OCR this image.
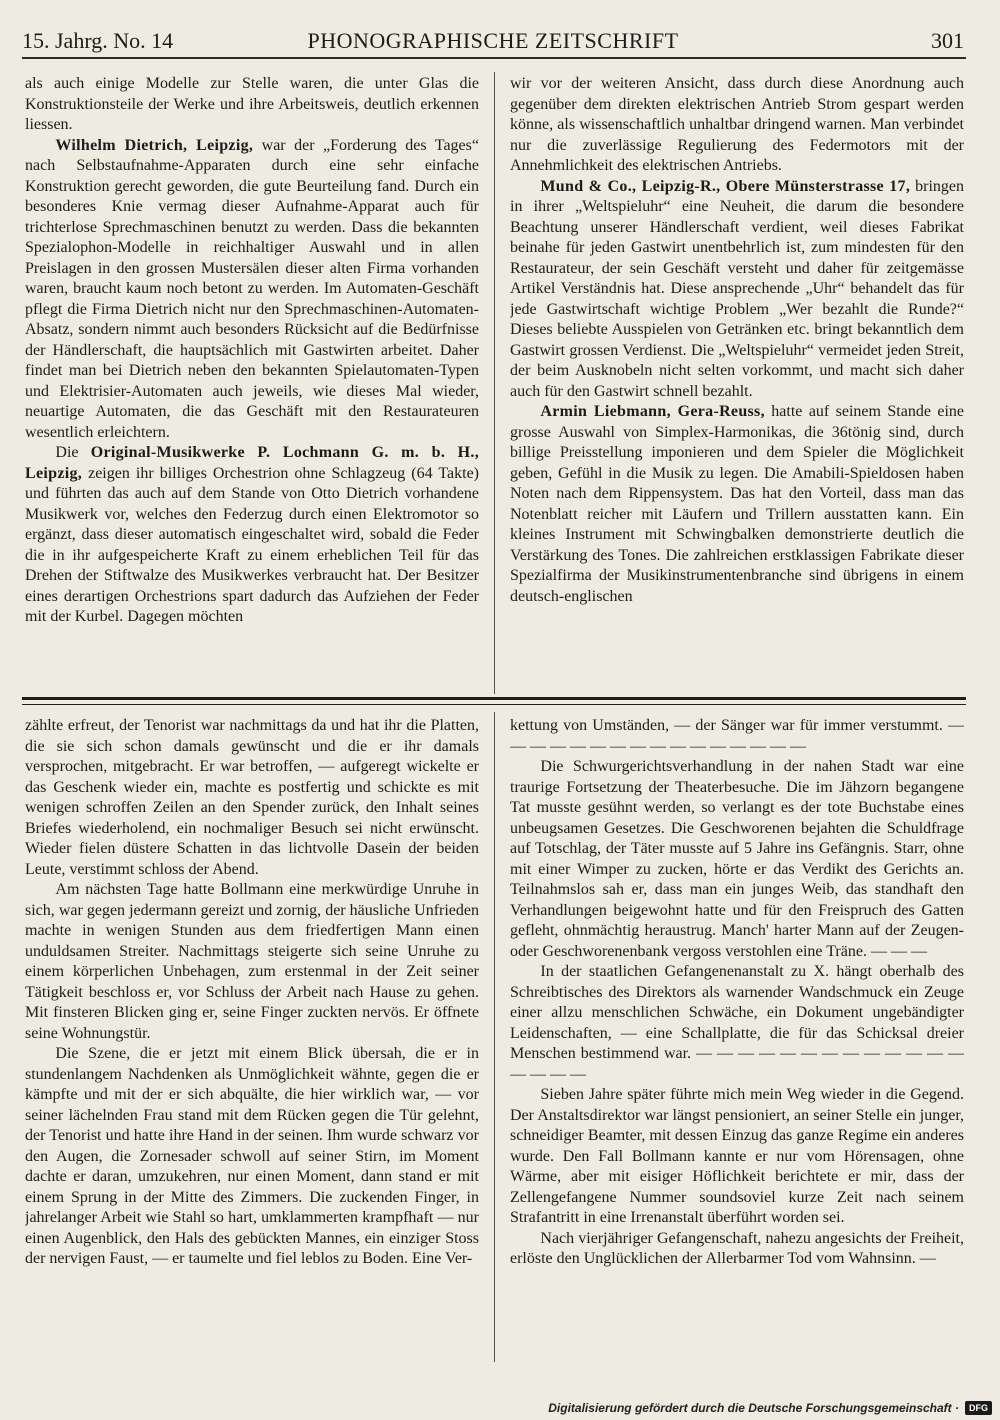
15. Jahrg. No. 14	PHONOGRAPHISCHE ZEITSCHRIFT	301

als auch einige Modelle zur Stelle waren, die unter Glas die Konstruktionsteile der Werke und ihre Arbeitsweis, deutlich erkennen liessen.

Wilhelm Dietrich, Leipzig, war der „Forderung des Tages“ nach Selbstaufnahme-Apparaten durch eine sehr einfache Konstruktion gerecht geworden, die gute Beurteilung fand. Durch ein besonderes Knie vermag dieser Aufnahme-Apparat auch für trichterlose Sprechmaschinen benutzt zu werden. Dass die bekannten Spezialophon-Modelle in reichhaltiger Auswahl und in allen Preislagen in den grossen Mustersälen dieser alten Firma vorhanden waren, braucht kaum noch betont zu werden. Im Automaten-Geschäft pflegt die Firma Dietrich nicht nur den Sprechmaschinen-Automaten-Absatz, sondern nimmt auch besonders Rücksicht auf die Bedürfnisse der Händlerschaft, die hauptsächlich mit Gastwirten arbeitet. Daher findet man bei Dietrich neben den bekannten Spielautomaten-Typen und Elektrisier-Automaten auch jeweils, wie dieses Mal wieder, neuartige Automaten, die das Geschäft mit den Restaurateuren wesentlich erleichtern.

Die Original-Musikwerke P. Lochmann G. m. b. H., Leipzig, zeigen ihr billiges Orchestrion ohne Schlagzeug (64 Takte) und führten das auch auf dem Stande von Otto Dietrich vorhandene Musikwerk vor, welches den Federzug durch einen Elektromotor so ergänzt, dass dieser automatisch eingeschaltet wird, sobald die Feder die in ihr aufgespeicherte Kraft zu einem erheblichen Teil für das Drehen der Stiftwalze des Musikwerkes verbraucht hat. Der Besitzer eines derartigen Orchestrions spart dadurch das Aufziehen der Feder mit der Kurbel. Dagegen möchten

wir vor der weiteren Ansicht, dass durch diese Anordnung auch gegenüber dem direkten elektrischen Antrieb Strom gespart werden könne, als wissenschaftlich unhaltbar dringend warnen. Man verbindet nur die zuverlässige Regulierung des Federmotors mit der Annehmlichkeit des elektrischen Antriebs.

Mund & Co., Leipzig-R., Obere Münsterstrasse 17, bringen in ihrer „Weltspieluhr“ eine Neuheit, die darum die besondere Beachtung unserer Händlerschaft verdient, weil dieses Fabrikat beinahe für jeden Gastwirt unentbehrlich ist, zum mindesten für den Restaurateur, der sein Geschäft versteht und daher für zeitgemässe Artikel Verständnis hat. Diese ansprechende „Uhr“ behandelt das für jede Gastwirtschaft wichtige Problem „Wer bezahlt die Runde?“ Dieses beliebte Ausspielen von Getränken etc. bringt bekanntlich dem Gastwirt grossen Verdienst. Die „Weltspieluhr“ vermeidet jeden Streit, der beim Ausknobeln nicht selten vorkommt, und macht sich daher auch für den Gastwirt schnell bezahlt.

Armin Liebmann, Gera-Reuss, hatte auf seinem Stande eine grosse Auswahl von Simplex-Harmonikas, die 36tönig sind, durch billige Preisstellung imponieren und dem Spieler die Möglichkeit geben, Gefühl in die Musik zu legen. Die Amabili-Spieldosen haben Noten nach dem Rippensystem. Das hat den Vorteil, dass man das Notenblatt reicher mit Läufern und Trillern ausstatten kann. Ein kleines Instrument mit Schwingbalken demonstrierte deutlich die Verstärkung des Tones. Die zahlreichen erstklassigen Fabrikate dieser Spezialfirma der Musikinstrumentenbranche sind übrigens in einem deutsch-englischen

zählte erfreut, der Tenorist war nachmittags da und hat ihr die Platten, die sie sich schon damals gewünscht und die er ihr damals versprochen, mitgebracht. Er war betroffen, — aufgeregt wickelte er das Geschenk wieder ein, machte es postfertig und schickte es mit wenigen schroffen Zeilen an den Spender zurück, den Inhalt seines Briefes wiederholend, ein nochmaliger Besuch sei nicht erwünscht. Wieder fielen düstere Schatten in das lichtvolle Dasein der beiden Leute, verstimmt schloss der Abend.

Am nächsten Tage hatte Bollmann eine merkwürdige Unruhe in sich, war gegen jedermann gereizt und zornig, der häusliche Unfrieden machte in wenigen Stunden aus dem friedfertigen Mann einen unduldsamen Streiter. Nachmittags steigerte sich seine Unruhe zu einem körperlichen Unbehagen, zum erstenmal in der Zeit seiner Tätigkeit beschloss er, vor Schluss der Arbeit nach Hause zu gehen. Mit finsteren Blicken ging er, seine Finger zuckten nervös. Er öffnete seine Wohnungstür.

Die Szene, die er jetzt mit einem Blick übersah, die er in stundenlangem Nachdenken als Unmöglichkeit wähnte, gegen die er kämpfte und mit der er sich abquälte, die hier wirklich war, — vor seiner lächelnden Frau stand mit dem Rücken gegen die Tür gelehnt, der Tenorist und hatte ihre Hand in der seinen. Ihm wurde schwarz vor den Augen, die Zornesader schwoll auf seiner Stirn, im Moment dachte er daran, umzukehren, nur einen Moment, dann stand er mit einem Sprung in der Mitte des Zimmers. Die zuckenden Finger, in jahrelanger Arbeit wie Stahl so hart, umklammerten krampfhaft — nur einen Augenblick, den Hals des gebückten Mannes, ein einziger Stoss der nervigen Faust, — er taumelte und fiel leblos zu Boden. Eine Ver-

kettung von Umständen, — der Sänger war für immer verstummt. — — — — — — — — — — — — — — — —

Die Schwurgerichtsverhandlung in der nahen Stadt war eine traurige Fortsetzung der Theaterbesuche. Die im Jähzorn begangene Tat musste gesühnt werden, so verlangt es der tote Buchstabe eines unbeugsamen Gesetzes. Die Geschworenen bejahten die Schuldfrage auf Totschlag, der Täter musste auf 5 Jahre ins Gefängnis. Starr, ohne mit einer Wimper zu zucken, hörte er das Verdikt des Gerichts an. Teilnahmslos sah er, dass man ein junges Weib, das standhaft den Verhandlungen beigewohnt hatte und für den Freispruch des Gatten gefleht, ohnmächtig heraustrug. Manch' harter Mann auf der Zeugen- oder Geschworenenbank vergoss verstohlen eine Träne. — — —

In der staatlichen Gefangenenanstalt zu X. hängt oberhalb des Schreibtisches des Direktors als warnender Wandschmuck ein Zeuge einer allzu menschlichen Schwäche, ein Dokument ungebändigter Leidenschaften, — eine Schallplatte, die für das Schicksal dreier Menschen bestimmend war. — — — — — — — — — — — — — — — — —

Sieben Jahre später führte mich mein Weg wieder in die Gegend. Der Anstaltsdirektor war längst pensioniert, an seiner Stelle ein junger, schneidiger Beamter, mit dessen Einzug das ganze Regime ein anderes wurde. Den Fall Bollmann kannte er nur vom Hörensagen, ohne Wärme, aber mit eisiger Höflichkeit berichtete er mir, dass der Zellengefangene Nummer soundsoviel kurze Zeit nach seinem Strafantritt in eine Irrenanstalt überführt worden sei.

Nach vierjähriger Gefangenschaft, nahezu angesichts der Freiheit, erlöste den Unglücklichen der Allerbarmer Tod vom Wahnsinn. —

Digitalisierung gefördert durch die Deutsche Forschungsgemeinschaft ·	DFG
